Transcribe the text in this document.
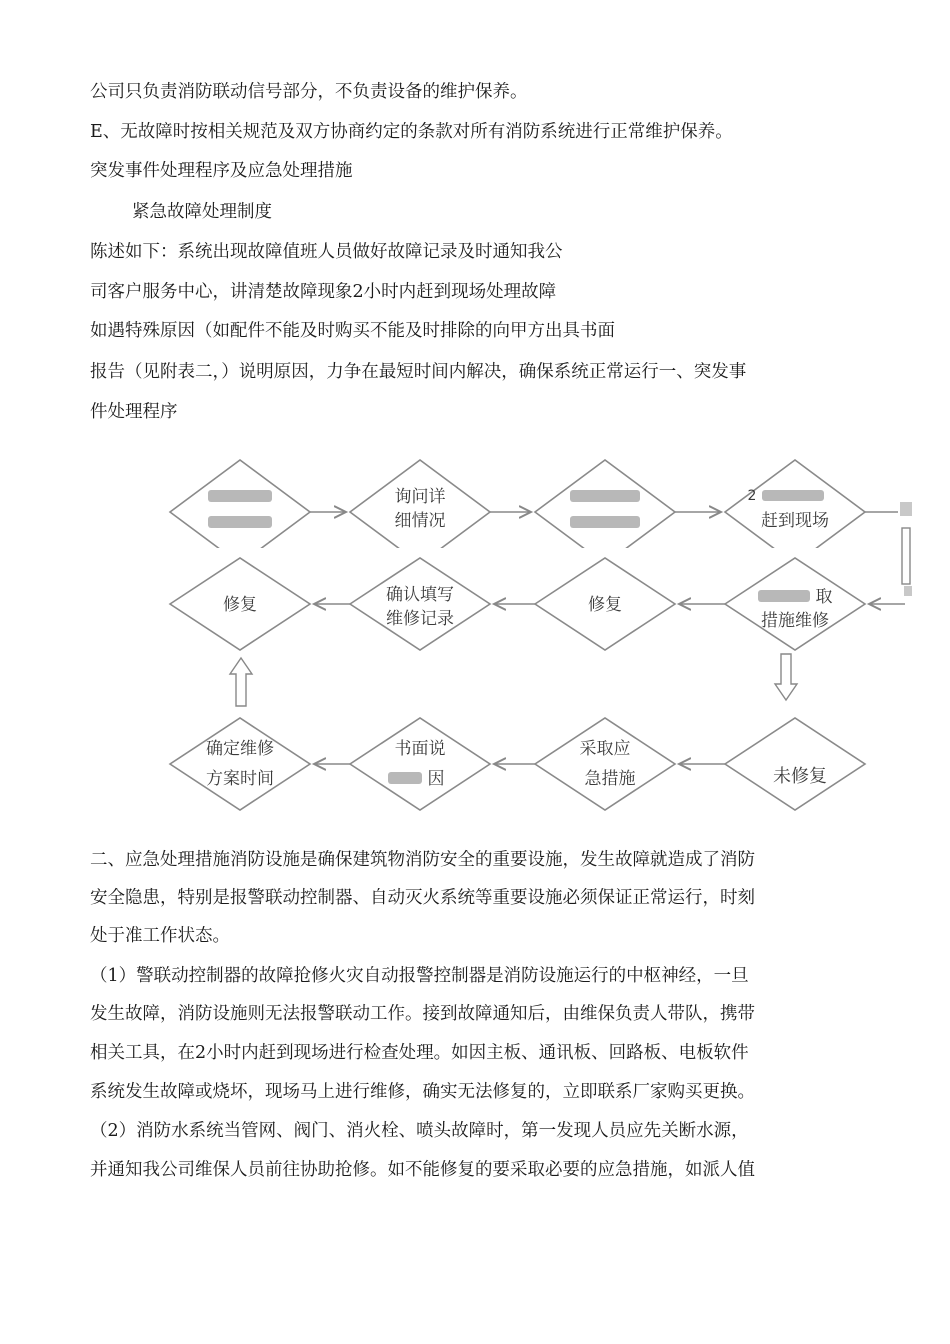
公司只负责消防联动信号部分，不负责设备的维护保养。
E、无故障时按相关规范及双方协商约定的条款对所有消防系统进行正常维护保养。
突发事件处理程序及应急处理措施
紧急故障处理制度
陈述如下：系统出现故障值班人员做好故障记录及时通知我公
司客户服务中心，讲清楚故障现象2小时内赶到现场处理故障
如遇特殊原因（如配件不能及时购买不能及时排除的向甲方出具书面
报告（见附表二，）说明原因，力争在最短时间内解决，确保系统正常运行一、突发事
件处理程序
询问详
细情况
2
赶到现场
修复	确认填写
维修记录
修复	取
措施维修
确定维修
方案时间
书面说
因
采取应
急措施	未修复
二、应急处理措施消防设施是确保建筑物消防安全的重要设施，发生故障就造成了消防
安全隐患，特别是报警联动控制器、自动灭火系统等重要设施必须保证正常运行，时刻
处于准工作状态。
（1）警联动控制器的故障抢修火灾自动报警控制器是消防设施运行的中枢神经，一旦
发生故障，消防设施则无法报警联动工作。接到故障通知后，由维保负责人带队，携带
相关工具，在2小时内赶到现场进行检查处理。如因主板、通讯板、回路板、电板软件
系统发生故障或烧坏，现场马上进行维修，确实无法修复的，立即联系厂家购买更换。
（2）消防水系统当管网、阀门、消火栓、喷头故障时，第一发现人员应先关断水源，
并通知我公司维保人员前往协助抢修。如不能修复的要采取必要的应急措施，如派人值
